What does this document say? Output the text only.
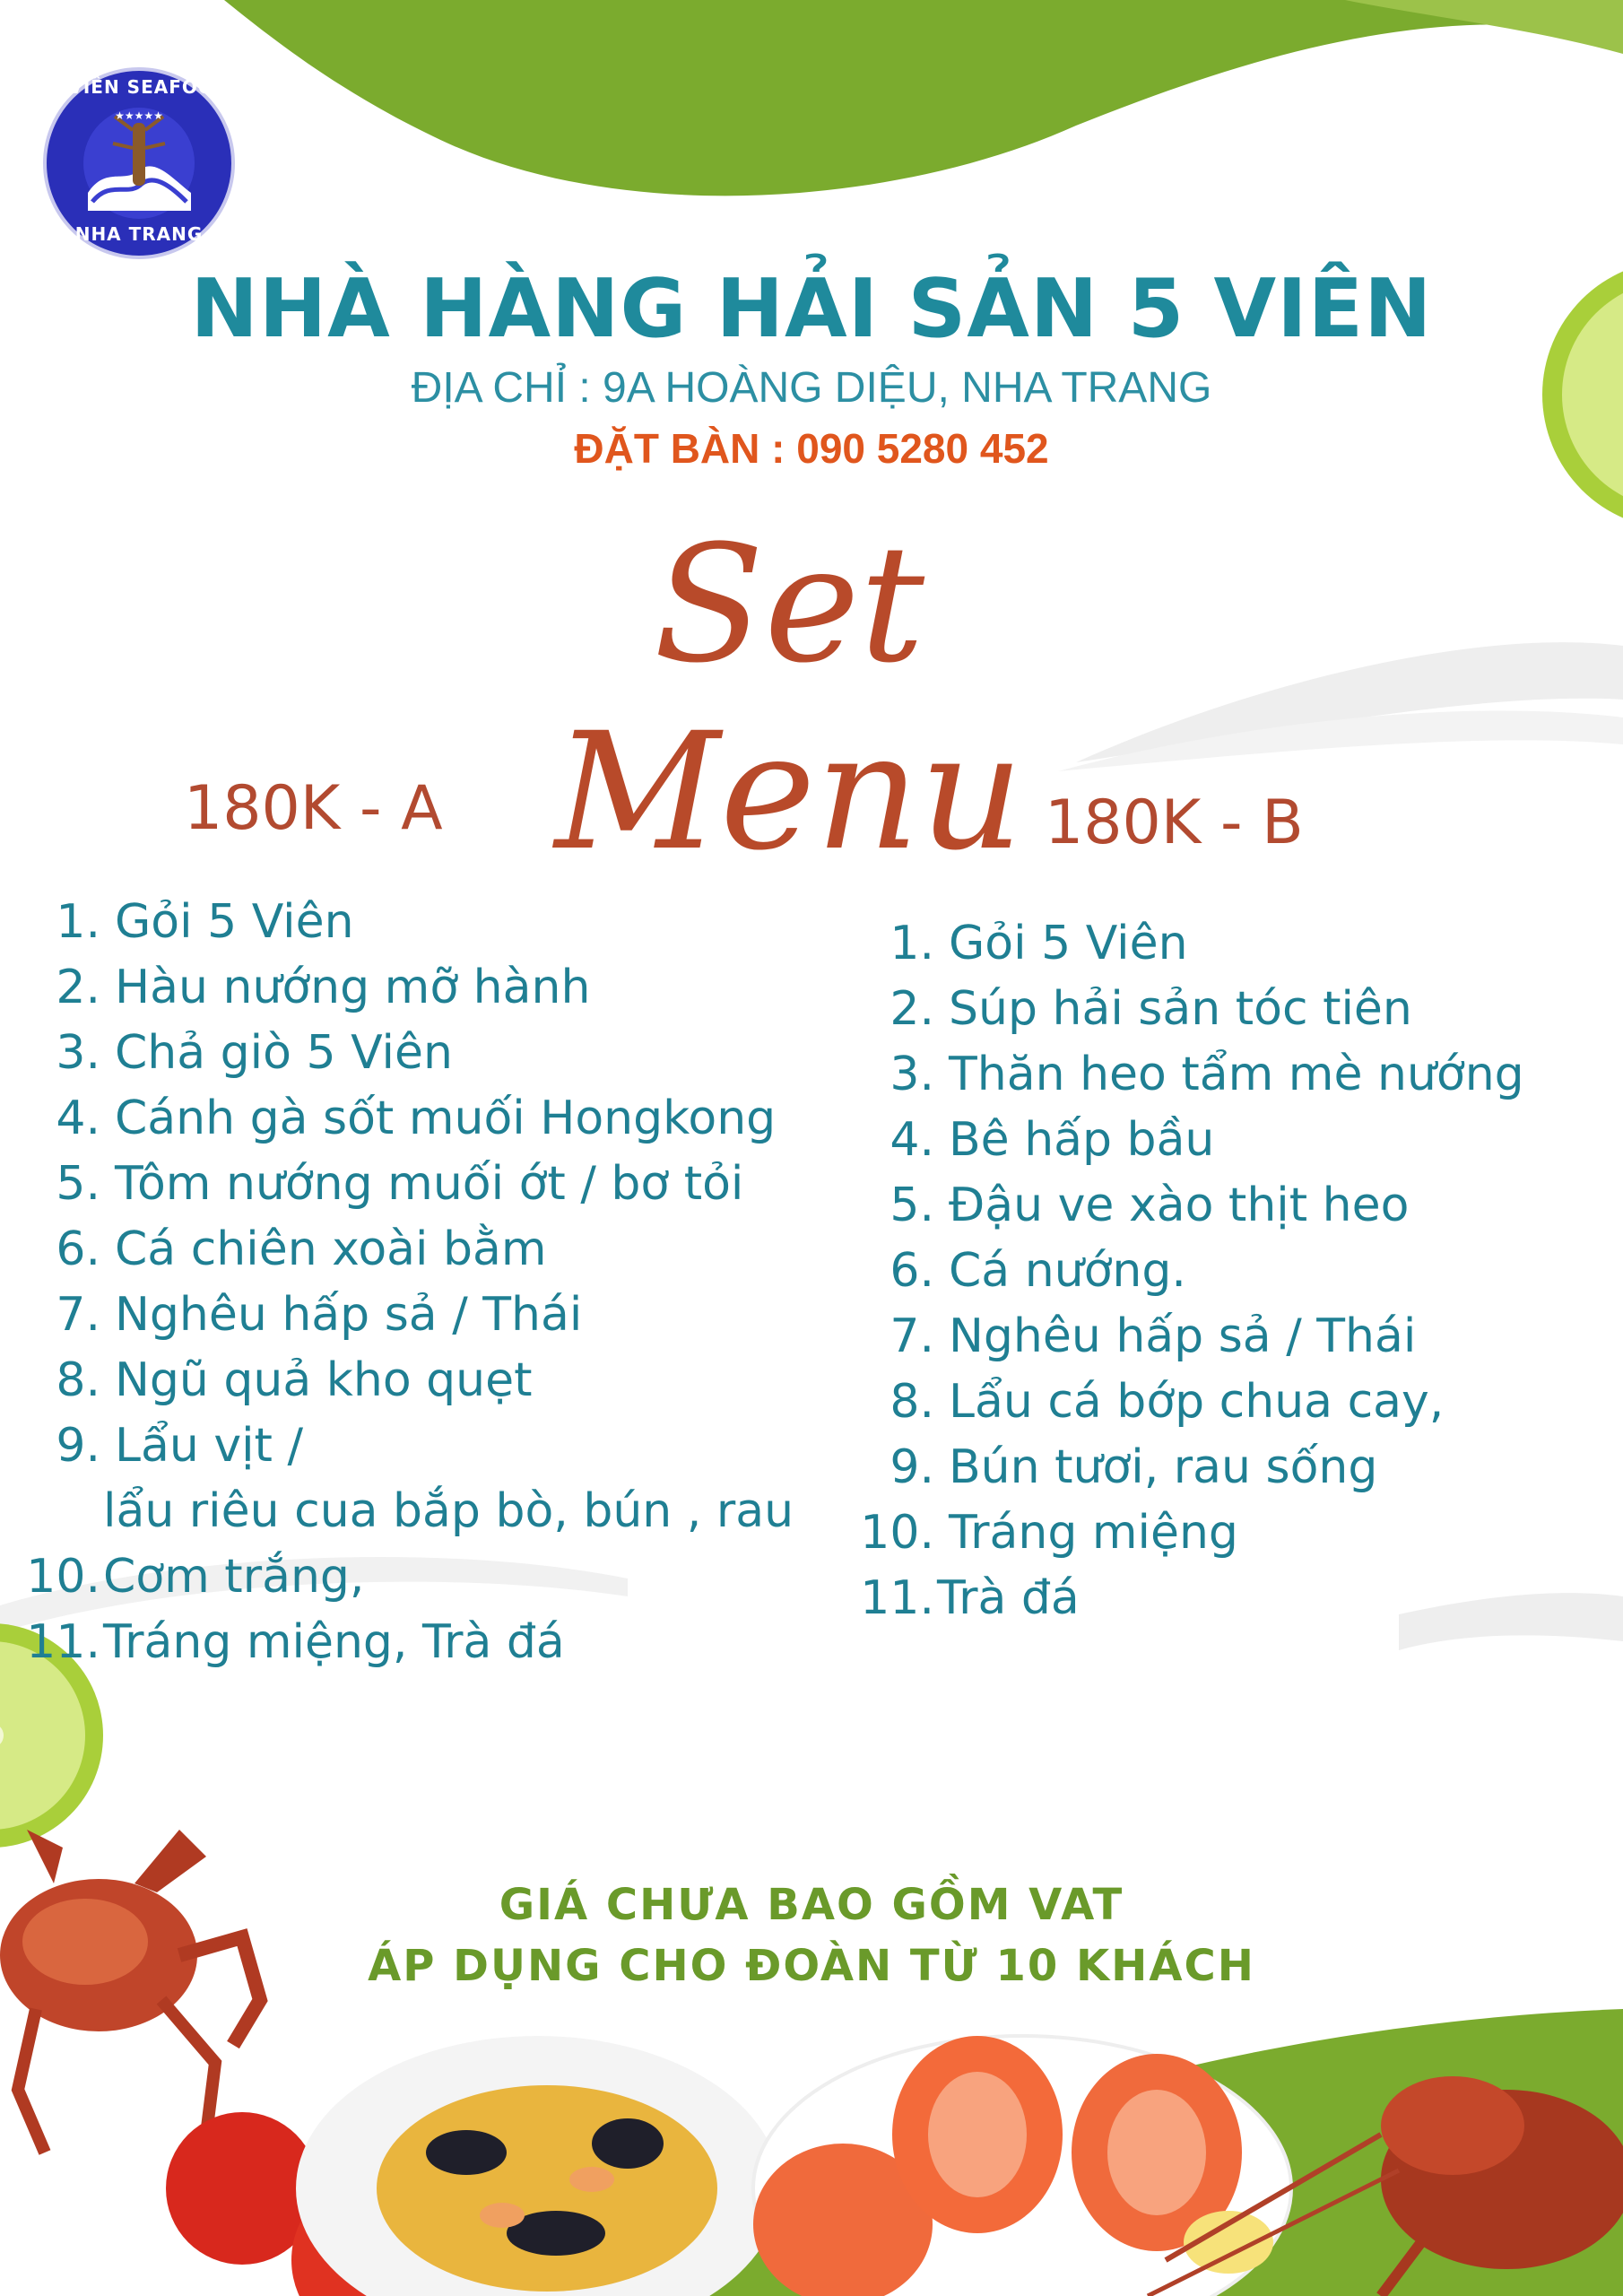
5 VIÊN SEAFOOD
★★★★★
NHA TRANG
NHÀ HÀNG HẢI SẢN 5 VIÊN
ĐỊA CHỈ : 9A HOÀNG DIỆU, NHA TRANG
ĐẶT BÀN : 090 5280 452
Set Menu
180K - A
1. Gỏi 5 Viên
2. Hàu nướng mỡ hành
3. Chả giò 5 Viên
4. Cánh gà sốt muối Hongkong
5. Tôm nướng muối ớt / bơ tỏi
6. Cá chiên xoài bằm
7. Nghêu hấp sả / Thái
8. Ngũ quả kho quẹt
9. Lẩu vịt /
lẩu riêu cua bắp bò, bún , rau
10. Cơm trắng,
11. Tráng miệng, Trà đá
180K - B
1. Gỏi 5 Viên
2. Súp hải sản tóc tiên
3. Thăn heo tẩm mè nướng
4. Bê hấp bầu
5. Đậu ve xào thịt heo
6. Cá nướng.
7. Nghêu hấp sả / Thái
8. Lẩu cá bớp chua cay,
9. Bún tươi, rau sống
10. Tráng miệng
11. Trà đá
GIÁ CHƯA BAO GỒM VAT
ÁP DỤNG CHO ĐOÀN TỪ 10 KHÁCH
